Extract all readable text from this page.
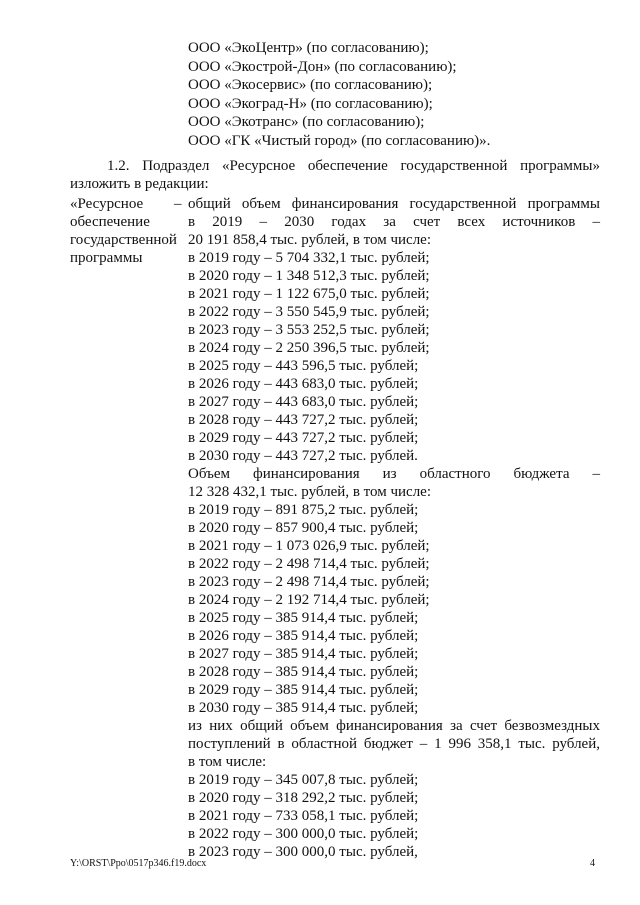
ООО «ЭкоЦентр» (по согласованию);
ООО «Экострой-Дон» (по согласованию);
ООО «Экосервис» (по согласованию);
ООО «Экоград-Н» (по согласованию);
ООО «Экотранс» (по согласованию);
ООО «ГК «Чистый город» (по согласованию)».
1.2. Подраздел «Ресурсное обеспечение государственной программы»
изложить в редакции:
«Ресурсное
обеспечение
государственной
программы
– общий объем финансирования государственной программы
в 2019 – 2030 годах за счет всех источников –
20 191 858,4 тыс. рублей, в том числе:
в 2019 году – 5 704 332,1 тыс. рублей;
в 2020 году – 1 348 512,3 тыс. рублей;
в 2021 году – 1 122 675,0 тыс. рублей;
в 2022 году – 3 550 545,9 тыс. рублей;
в 2023 году – 3 553 252,5 тыс. рублей;
в 2024 году – 2 250 396,5 тыс. рублей;
в 2025 году – 443 596,5 тыс. рублей;
в 2026 году – 443 683,0 тыс. рублей;
в 2027 году – 443 683,0 тыс. рублей;
в 2028 году – 443 727,2 тыс. рублей;
в 2029 году – 443 727,2 тыс. рублей;
в 2030 году – 443 727,2 тыс. рублей.
Объем финансирования из областного бюджета –
12 328 432,1 тыс. рублей, в том числе:
в 2019 году – 891 875,2 тыс. рублей;
в 2020 году – 857 900,4 тыс. рублей;
в 2021 году – 1 073 026,9 тыс. рублей;
в 2022 году – 2 498 714,4 тыс. рублей;
в 2023 году – 2 498 714,4 тыс. рублей;
в 2024 году – 2 192 714,4 тыс. рублей;
в 2025 году – 385 914,4 тыс. рублей;
в 2026 году – 385 914,4 тыс. рублей;
в 2027 году – 385 914,4 тыс. рублей;
в 2028 году – 385 914,4 тыс. рублей;
в 2029 году – 385 914,4 тыс. рублей;
в 2030 году – 385 914,4 тыс. рублей;
из них общий объем финансирования за счет безвозмездных
поступлений в областной бюджет – 1 996 358,1 тыс. рублей,
в том числе:
в 2019 году – 345 007,8 тыс. рублей;
в 2020 году – 318 292,2 тыс. рублей;
в 2021 году – 733 058,1 тыс. рублей;
в 2022 году – 300 000,0 тыс. рублей;
в 2023 году – 300 000,0 тыс. рублей,
Y:\ORST\Ppo\0517p346.f19.docx	4
